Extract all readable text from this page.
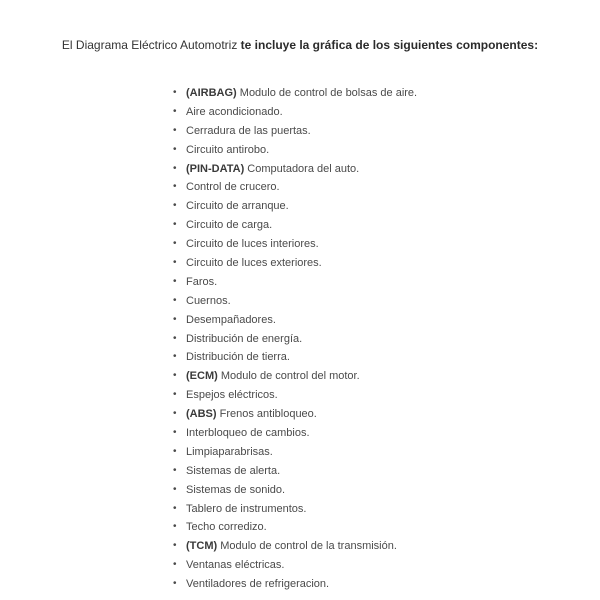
El Diagrama Eléctrico Automotriz te incluye la gráfica de los siguientes componentes:
• (AIRBAG) Modulo de control de bolsas de aire.
• Aire acondicionado.
• Cerradura de las puertas.
• Circuito antirobo.
• (PIN-DATA) Computadora del auto.
• Control de crucero.
• Circuito de arranque.
• Circuito de carga.
• Circuito de luces interiores.
• Circuito de luces exteriores.
• Faros.
• Cuernos.
• Desempañadores.
• Distribución de energía.
• Distribución de tierra.
• (ECM) Modulo de control del motor.
• Espejos eléctricos.
• (ABS) Frenos antibloqueo.
• Interbloqueo de cambios.
• Limpiaparabrisas.
• Sistemas de alerta.
• Sistemas de sonido.
• Tablero de instrumentos.
• Techo corredizo.
• (TCM) Modulo de control de la transmisión.
• Ventanas eléctricas.
• Ventiladores de refrigeracion.
